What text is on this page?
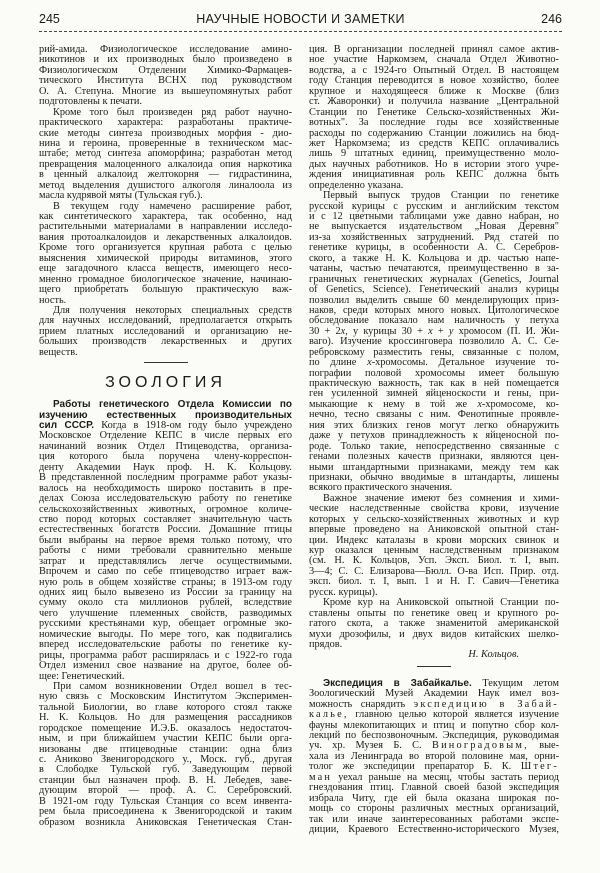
245	НАУЧНЫЕ НОВОСТИ И ЗАМЕТКИ	246
рий-амида. Физиологическое исследование амино-
никотинов и их производных было произведено в
Физиологическом Отделении Химико-Фармацев-
тического Института ВСНХ под руководством
О. А. Степуна. Многие из вышеупомянутых работ
подготовлены к печати.
Кроме того был произведен ряд работ научно-
практического характера: разработаны практиче-
ские методы синтеза производных морфия - дио-
нина и героина, проверенные в техническом мас-
штабе; метод синтеза апоморфина; разработан метод
превращения малоценного алкалоида опия наркотика
в ценный алкалоид желтокорня — гидрастинина,
метод выделения душистого алкоголя линалоола из
масла кудрявой мяты (Тульская губ.).
В текущем году намечено расширение работ,
как синтетического характера, так особенно, над
растительными материалами в направлении исследо-
вания протоалкалоидов и лекарственных алкалоидов.
Кроме того организуется крупная работа с целью
выяснения химической природы витаминов, этого
еще загадочного класса веществ, имеющего несо-
мненно громадное биологическое значение, начинаю-
щего приобретать большую практическую важ-
ность.
Для получения некоторых специальных средств
для научных исследований, предполагается открыть
прием платных исследований и организацию не-
больших производств лекарственных и других
веществ.
ЗООЛОГИЯ
Работы генетического Отдела Комиссии по
изучению естественных производительных
сил СССР. Когда в 1918-ом году было учреждено
Московское Отделение КЕПС в числе первых его
начинаний возник Отдел Птицеводства, организа-
ция которого была поручена члену-корреспон-
денту Академии Наук проф. Н. К. Кольцову.
В представленной последним программе работ указы-
валось на необходимость широко поставить в пре-
делах Союза исследовательскую работу по генетике
сельскохозяйственных животных, огромное количе-
ство пород которых составляет значительную часть
естестественных богатств России. Домашние птицы
были выбраны на первое время только потому, что
работы с ними требовали сравнительно меньше
затрат и представлялись легче осуществимыми.
Впрочем и само по себе птицеводство играет важ-
ную роль в общем хозяйстве страны; в 1913-ом году
одних яиц было вывезено из России за границу на
сумму около ста миллионов рублей, вследствие
чего улучшение племенных свойств, разводимых
русскими крестьянами кур, обещает огромные эко-
номические выгоды. По мере того, как подвигались
вперед исследовательские работы по генетике ку-
рицы, программа работ расширялась и с 1922-го года
Отдел изменил свое название на другое, более об-
щее: Генетический.
При самом возникновении Отдел вошел в тес-
ную связь с Московским Институтом Эксперимен-
тальной Биологии, во главе которого стоял также
Н. К. Кольцов. Но для размещения рассадников
городское помещение И.Э.Б. оказалось недостаточ-
ным, и при ближайшем участии КЕПС были орга-
низованы две птицеводные станции: одна близ
с. Аниково Звенигородского у., Моск. губ., другая
в Слободке Тульской губ. Заведующим первой
станции был назначен проф. В. Н. Лебедев, заве-
дующим второй — проф. А. С. Серебровский.
В 1921-ом году Тульская Станция со всем инвента-
рем была присоединена к Звенигородской и таким
образом возникла Аниковская Генетическая Стан-
ция. В организации последней принял самое актив-
ное участие Наркомзем, сначала Отдел Животно-
водства, а с 1924-го Опытный Отдел. В настоящем
году Станция переводится в новое хозяйство, более
крупное и находящееся ближе к Москве (близ
ст. Жаворонки) и получила название „Центральной
Станции по Генетике Сельско-хозяйственных Жи-
вотных". За последние годы все хозяйственные
расходы по содержанию Станции ложились на бюд-
жет Наркомзема; из средств КЕПС оплачивались
лишь 9 штатных единиц, преимущественно моло-
дых научных работников. Но в истории этого учре-
ждения инициативная роль КЕПС должна быть
определенно указана.
Первый выпуск трудов Станции по генетике
русской курицы с русским и английским текстом
и с 12 цветными таблицами уже давно набран, но
не выпускается издательством „Новая Деревня"
из-за хозяйственных затруднений. Ряд статей по
генетике курицы, в особенности А. С. Серебров-
ского, а также Н. К. Кольцова и др. частью напе-
чатаны, частью печатаются, преимущественно в за-
граничных генетических журналах (Genetics, Journal
of Genetics, Science). Генетический анализ курицы
позволил выделить свыше 60 менделирующих приз-
наков, среди которых много новых. Цитологическое
обследование показало нам наличность у петуха
30 + 2x, у курицы 30 + x + y хромосом (П. И. Жи-
ваго). Изучение кроссинговера позволило А. С. Се-
ребровскому разместить гены, связанные с полом,
по длине x-хромосомы. Детальное изучение то-
пографии половой хромосомы имеет большую
практическую важность, так как в ней помещается
ген усиленной зимней яйценоскости и гены, при-
мыкающие к нему в той же x-хромосоме, ко-
нечно, тесно связаны с ним. Фенотипные проявле-
ния этих близких генов могут легко обнаружить
даже у петухов принадлежность к яйценосной по-
роде. Только такие, непосредственно связанные с
генами полезных качеств признаки, являются цен-
ными штандартными признаками, между тем как
признаки, обычно вводимые в штандарты, лишены
всякого практического значения.
Важное значение имеют без сомнения и хими-
ческие наследственные свойства крови, изучение
которых у сельско-хозяйственных животных и кур
впервые проведено на Аниковской опытной стан-
ции. Индекс каталазы в крови морских свинок и
кур оказался ценным наследственным признаком
(см. Н. К. Кольцов, Усп. Эксп. Биол. т. I, вып.
3—4; С. С. Елизарова—Бюлл. О-ва Исп. Прир. отд.
эксп. биол. т. I, вып. 1 и Н. Г. Савич—Генетика
русск. курицы).
Кроме кур на Аниковской опытной Станции по-
ставлены опыты по генетике овец и крупного ро-
гатого скота, а также знаменитой американской
мухи дрозофилы, и двух видов китайских шелко-
прядов.
Н. Кольцов.
Экспедиция в Забайкалье. Текущим летом
Зоологический Музей Академии Наук имел воз-
можность снарядить экспедицию в Забай-
калье, главною целью которой является изучение
фауны млекопитающих и птиц и попутно сбор кол-
лекций по беспозвоночным. Экспедиция, руководимая
уч. хр. Музея Б. С. Виноградовым, вые-
хала из Ленинграда во второй половине мая, орни-
толог же экспедиции препаратор Б. К. Штег-
ман уехал раньше на месяц, чтобы застать период
гнездования птиц. Главной своей базой экспедиция
избрала Читу, где ей была оказана широкая по-
мощь со стороны различных местных организаций,
так или иначе заинтересованных работами экспе-
диции, Краевого Естественно-исторического Музея,
